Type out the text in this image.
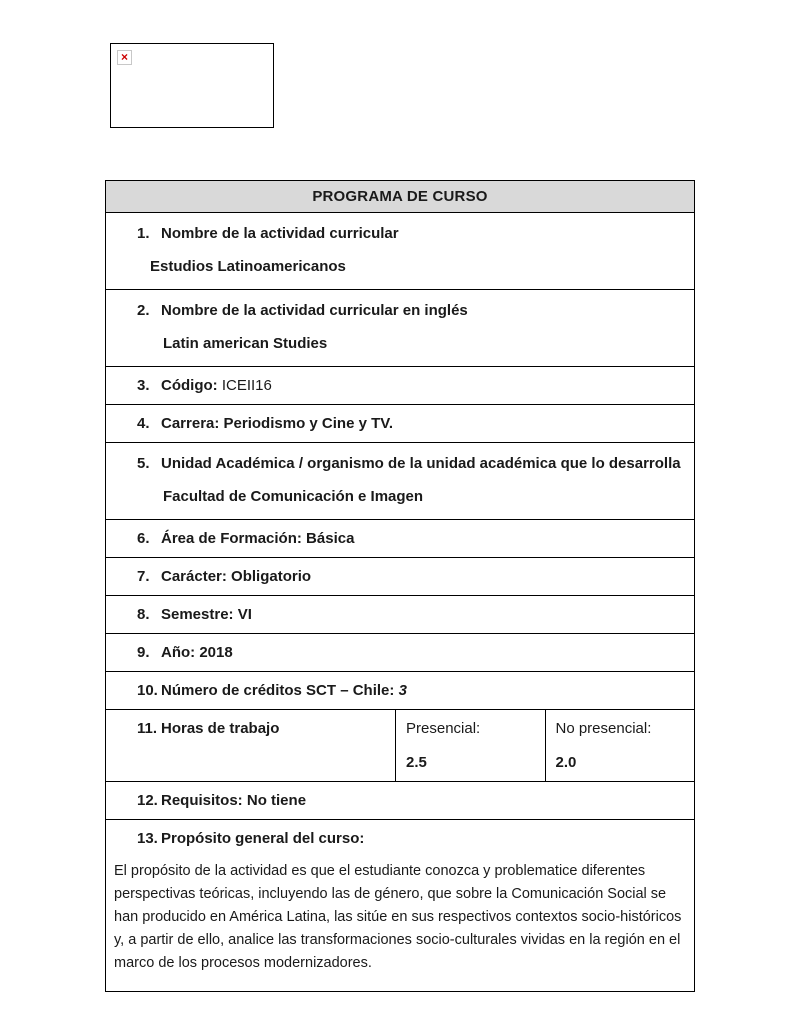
×
PROGRAMA DE CURSO
1. Nombre de la actividad curricular
Estudios Latinoamericanos
2. Nombre de la actividad curricular en inglés
Latin american Studies
3. Código: ICEII16
4. Carrera: Periodismo y Cine y TV.
5. Unidad Académica / organismo de la unidad académica que lo desarrolla
Facultad de Comunicación e Imagen
6. Área de Formación: Básica
7. Carácter: Obligatorio
8. Semestre: VI
9. Año: 2018
10. Número de créditos SCT – Chile: 3
11. Horas de trabajo	Presencial:
2.5
No presencial:
2.0
12. Requisitos: No tiene
13. Propósito general del curso:
El propósito de la actividad es que el estudiante conozca y problematice diferentes perspectivas teóricas, incluyendo las de género, que sobre la Comunicación Social se han producido en América Latina, las sitúe en sus respectivos contextos socio-históricos y, a partir de ello, analice las transformaciones socio-culturales vividas en la región en el marco de los procesos modernizadores.
